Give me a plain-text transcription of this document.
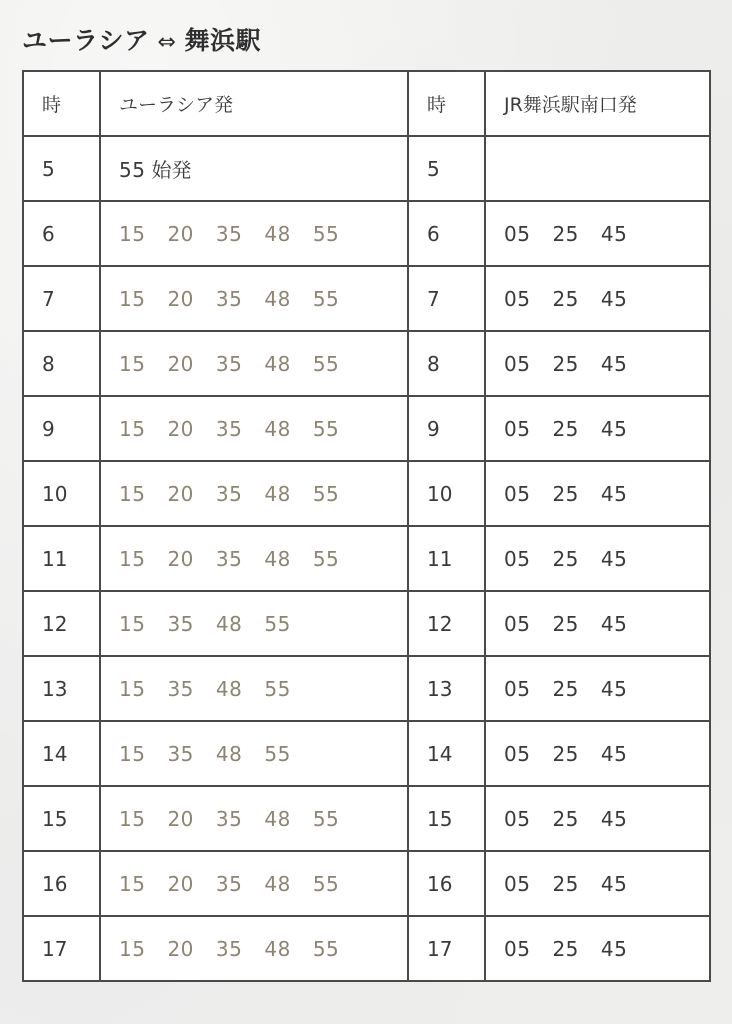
ユーラシア ⇔ 舞浜駅
時	ユーラシア発	時	JR舞浜駅南口発
5	55 始発	5	
6	15 20 35 48 55	6	05 25 45
7	15 20 35 48 55	7	05 25 45
8	15 20 35 48 55	8	05 25 45
9	15 20 35 48 55	9	05 25 45
10	15 20 35 48 55	10	05 25 45
11	15 20 35 48 55	11	05 25 45
12	15 35 48 55	12	05 25 45
13	15 35 48 55	13	05 25 45
14	15 35 48 55	14	05 25 45
15	15 20 35 48 55	15	05 25 45
16	15 20 35 48 55	16	05 25 45
17	15 20 35 48 55	17	05 25 45
